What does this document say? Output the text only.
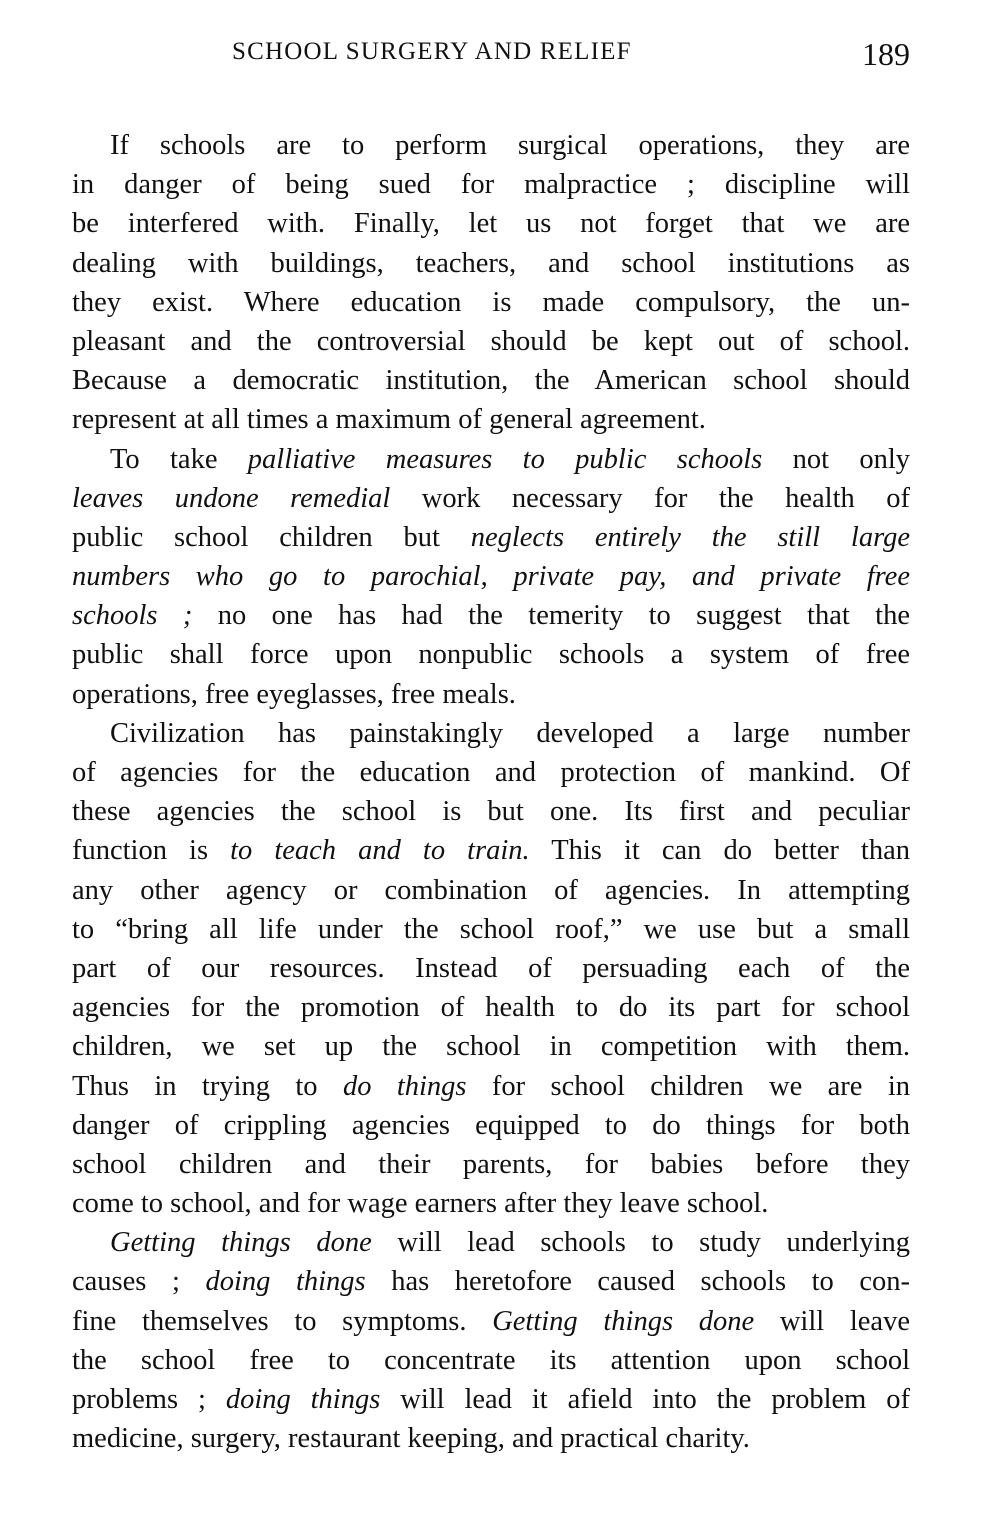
SCHOOL SURGERY AND RELIEF	189
If schools are to perform surgical operations, they are
in danger of being sued for malpractice ; discipline will
be interfered with. Finally, let us not forget that we are
dealing with buildings, teachers, and school institutions as
they exist. Where education is made compulsory, the un-
pleasant and the controversial should be kept out of school.
Because a democratic institution, the American school should
represent at all times a maximum of general agreement.
To take palliative measures to public schools not only
leaves undone remedial work necessary for the health of
public school children but neglects entirely the still large
numbers who go to parochial, private pay, and private free
schools ; no one has had the temerity to suggest that the
public shall force upon nonpublic schools a system of free
operations, free eyeglasses, free meals.
Civilization has painstakingly developed a large number
of agencies for the education and protection of mankind. Of
these agencies the school is but one. Its first and peculiar
function is to teach and to train. This it can do better than
any other agency or combination of agencies. In attempting
to “bring all life under the school roof,” we use but a small
part of our resources. Instead of persuading each of the
agencies for the promotion of health to do its part for school
children, we set up the school in competition with them.
Thus in trying to do things for school children we are in
danger of crippling agencies equipped to do things for both
school children and their parents, for babies before they
come to school, and for wage earners after they leave school.
Getting things done will lead schools to study underlying
causes ; doing things has heretofore caused schools to con-
fine themselves to symptoms. Getting things done will leave
the school free to concentrate its attention upon school
problems ; doing things will lead it afield into the problem of
medicine, surgery, restaurant keeping, and practical charity.
